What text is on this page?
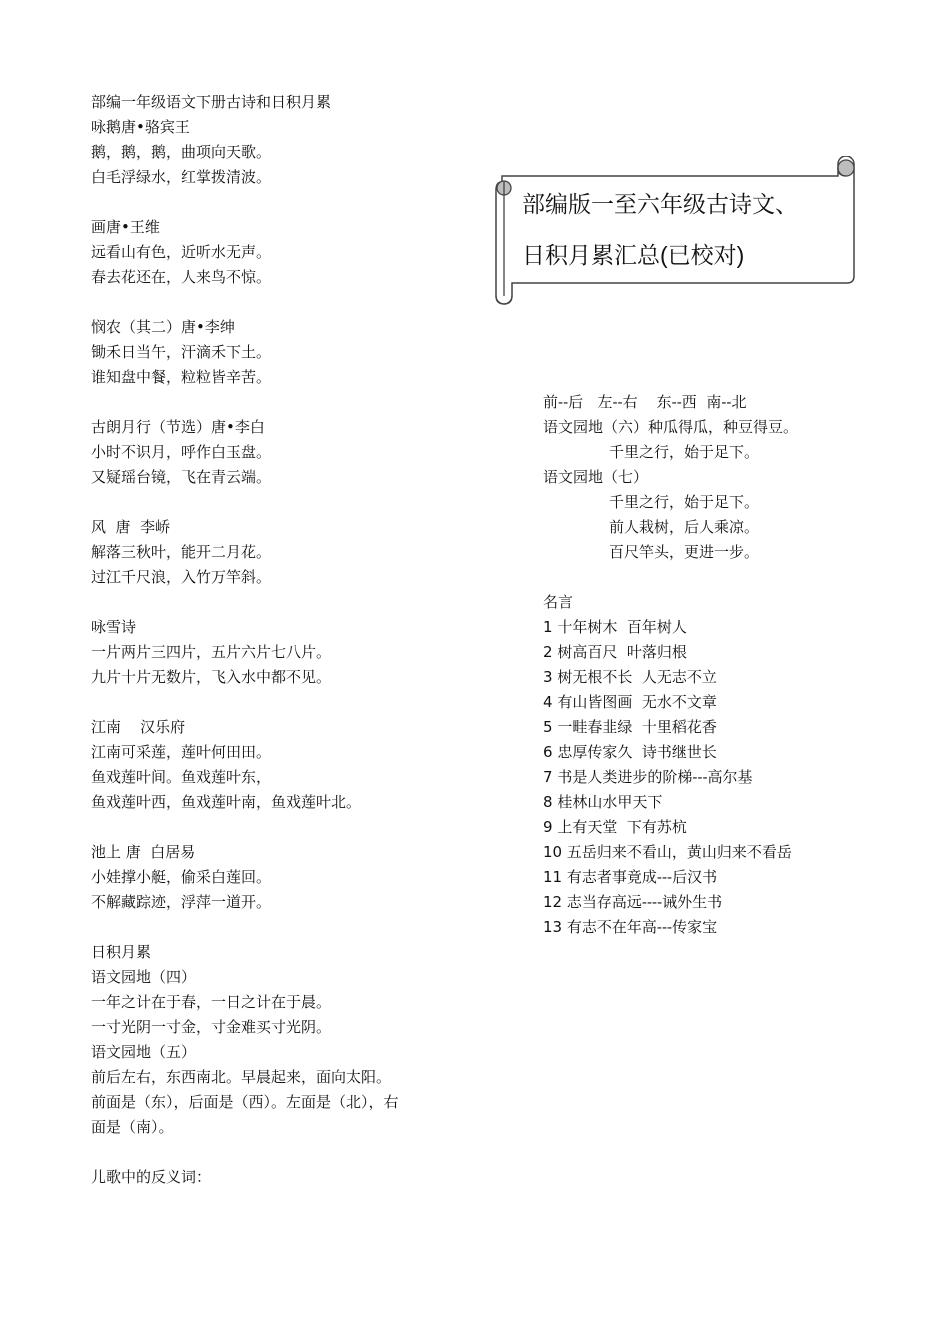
部编一年级语文下册古诗和日积月累
咏鹅唐•骆宾王
鹅，鹅，鹅，曲项向天歌。
白毛浮绿水，红掌拨清波。
画唐•王维
远看山有色，近听水无声。
春去花还在，人来鸟不惊。
悯农（其二）唐•李绅
锄禾日当午，汗滴禾下土。
谁知盘中餐，粒粒皆辛苦。
古朗月行（节选）唐•李白
小时不识月，呼作白玉盘。
又疑瑶台镜，飞在青云端。
风  唐  李峤
解落三秋叶，能开二月花。
过江千尺浪，入竹万竿斜。
咏雪诗
一片两片三四片，五片六片七八片。
九片十片无数片，飞入水中都不见。
江南    汉乐府
江南可采莲，莲叶何田田。
鱼戏莲叶间。鱼戏莲叶东，
鱼戏莲叶西，鱼戏莲叶南，鱼戏莲叶北。
池上 唐  白居易
小娃撑小艇，偷采白莲回。
不解藏踪迹，浮萍一道开。
日积月累
语文园地（四）
一年之计在于春，一日之计在于晨。
一寸光阴一寸金，寸金难买寸光阴。
语文园地（五）
前后左右，东西南北。早晨起来，面向太阳。
前面是（东），后面是（西）。左面是（北），右
面是（南）。
儿歌中的反义词：
部编版一至六年级古诗文、
日积月累汇总(已校对)
前--后   左--右    东--西  南--北
语文园地（六）种瓜得瓜，种豆得豆。
千里之行，始于足下。
语文园地（七）
千里之行，始于足下。
前人栽树，后人乘凉。
百尺竿头，更进一步。
名言
1 十年树木  百年树人
2 树高百尺  叶落归根
3 树无根不长  人无志不立
4 有山皆图画  无水不文章
5 一畦春韭绿  十里稻花香
6 忠厚传家久  诗书继世长
7 书是人类进步的阶梯---高尔基
8 桂林山水甲天下
9 上有天堂  下有苏杭
10 五岳归来不看山，黄山归来不看岳
11 有志者事竟成---后汉书
12 志当存高远----诫外生书
13 有志不在年高---传家宝
